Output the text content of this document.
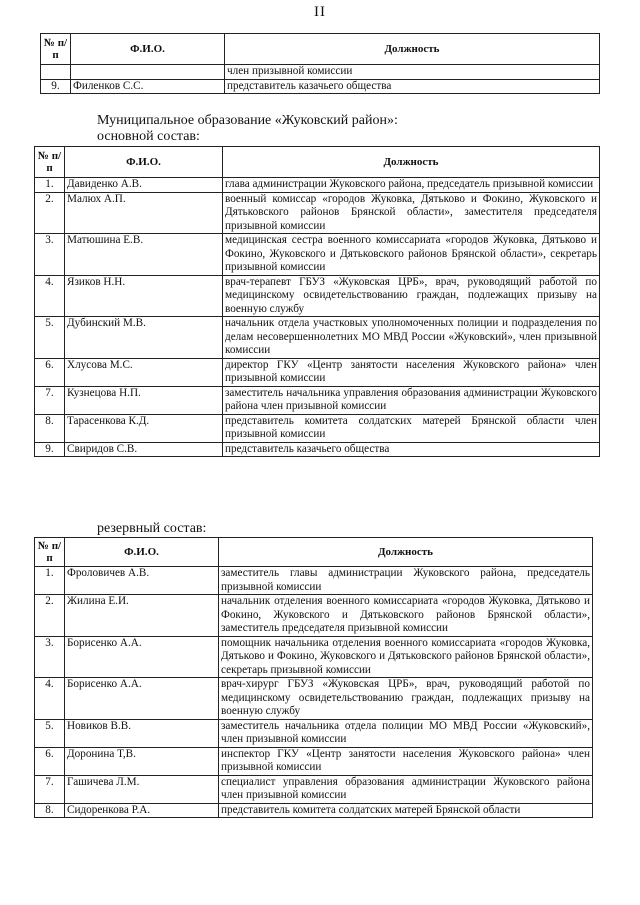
II
№ п/п	Ф.И.О.	Должность
		член призывной комиссии
9.	Филенков С.С.	представитель казачьего общества
Муниципальное образование «Жуковский район»:
основной состав:
№ п/п	Ф.И.О.	Должность
1.	Давиденко А.В.	глава администрации Жуковского района, председатель призывной комиссии
2.	Малюх А.П.	военный комиссар «городов Жуковка, Дятьково и Фокино, Жуковского и Дятьковского районов Брянской области», заместителя председателя призывной комиссии
3.	Матюшина Е.В.	медицинская сестра военного комиссариата «городов Жуковка, Дятьково и Фокино, Жуковского и Дятьковского районов Брянской области», секретарь призывной комиссии
4.	Язиков Н.Н.	врач-терапевт ГБУЗ «Жуковская ЦРБ», врач, руководящий работой по медицинскому освидетельствованию граждан, подлежащих призыву на военную службу
5.	Дубинский М.В.	начальник отдела участковых уполномоченных полиции и подразделения по делам несовершеннолетних МО МВД России «Жуковский», член призывной комиссии
6.	Хлусова М.С.	директор ГКУ «Центр занятости населения Жуковского района» член призывной комиссии
7.	Кузнецова Н.П.	заместитель начальника управления образования администрации Жуковского района член призывной комиссии
8.	Тарасенкова К.Д.	представитель комитета солдатских матерей Брянской области член призывной комиссии
9.	Свиридов С.В.	представитель казачьего общества
резервный состав:
№ п/п	Ф.И.О.	Должность
1.	Фроловичев А.В.	заместитель главы администрации Жуковского района, председатель призывной комиссии
2.	Жилина Е.И.	начальник отделения военного комиссариата «городов Жуковка, Дятьково и Фокино, Жуковского и Дятьковского районов Брянской области», заместитель председателя призывной комиссии
3.	Борисенко А.А.	помощник начальника отделения военного комиссариата «городов Жуковка, Дятьково и Фокино, Жуковского и Дятьковского районов Брянской области», секретарь призывной комиссии
4.	Борисенко А.А.	врач-хирург ГБУЗ «Жуковская ЦРБ», врач, руководящий работой по медицинскому освидетельствованию граждан, подлежащих призыву на военную службу
5.	Новиков В.В.	заместитель начальника отдела полиции МО МВД России «Жуковский», член призывной комиссии
6.	Доронина Т,В.	инспектор ГКУ «Центр занятости населения Жуковского района» член призывной комиссии
7.	Гашичева Л.М.	специалист управления образования администрации Жуковского района член призывной комиссии
8.	Сидоренкова Р.А.	представитель комитета солдатских матерей Брянской области
